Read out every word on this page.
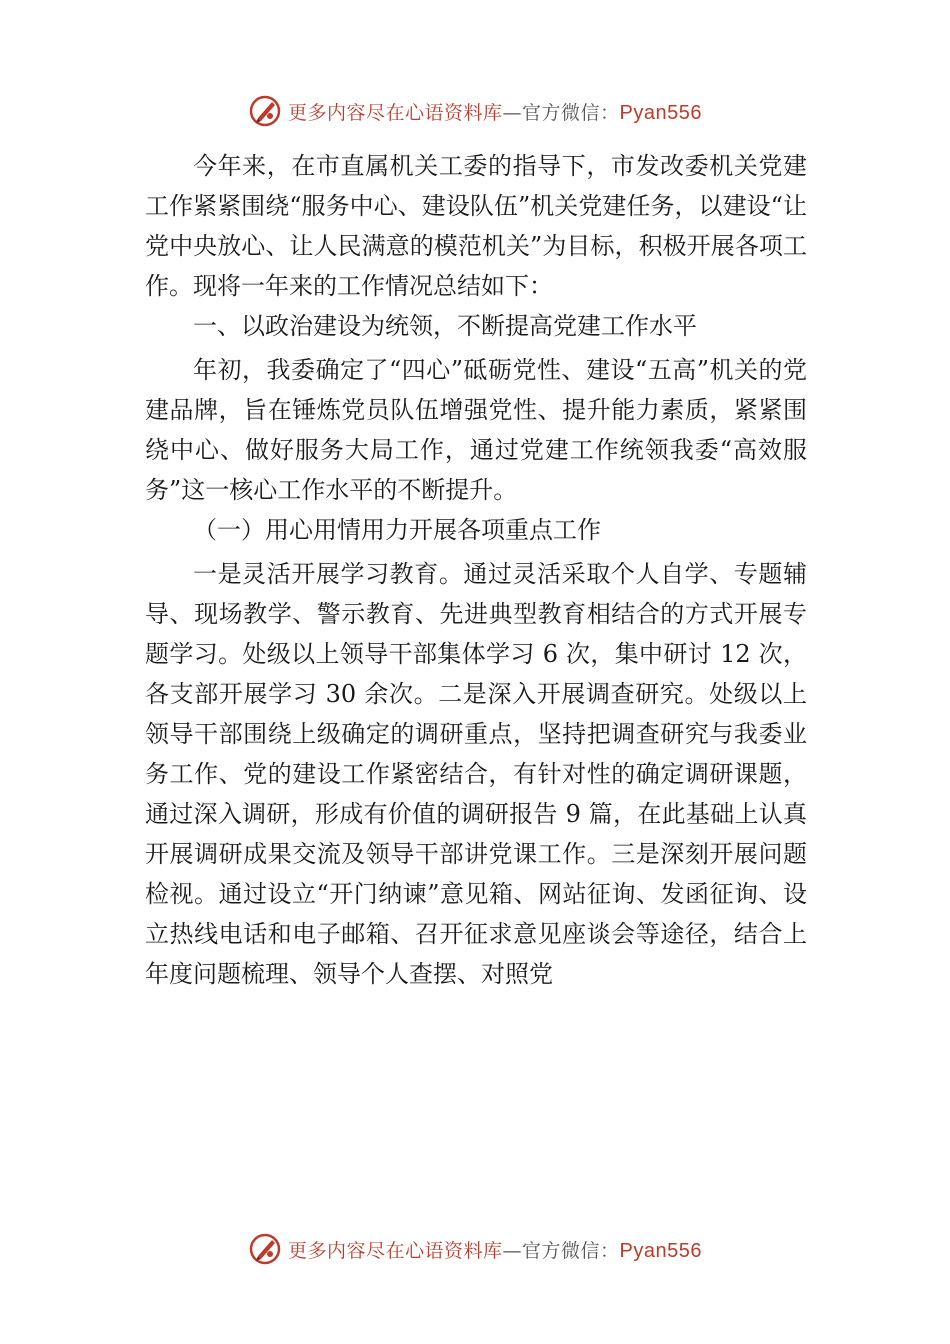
更多内容尽在心语资料库—官方微信：Pyan556

今年来，在市直属机关工委的指导下，市发改委机关党建工作紧紧围绕“服务中心、建设队伍”机关党建任务，以建设“让党中央放心、让人民满意的模范机关”为目标，积极开展各项工作。现将一年来的工作情况总结如下：

一、以政治建设为统领，不断提高党建工作水平

年初，我委确定了“四心”砥砺党性、建设“五高”机关的党建品牌，旨在锤炼党员队伍增强党性、提升能力素质，紧紧围绕中心、做好服务大局工作，通过党建工作统领我委“高效服务”这一核心工作水平的不断提升。

（一）用心用情用力开展各项重点工作

一是灵活开展学习教育。通过灵活采取个人自学、专题辅导、现场教学、警示教育、先进典型教育相结合的方式开展专题学习。处级以上领导干部集体学习 6 次，集中研讨 12 次，各支部开展学习 30 余次。二是深入开展调查研究。处级以上领导干部围绕上级确定的调研重点，坚持把调查研究与我委业务工作、党的建设工作紧密结合，有针对性的确定调研课题，通过深入调研，形成有价值的调研报告 9 篇，在此基础上认真开展调研成果交流及领导干部讲党课工作。三是深刻开展问题检视。通过设立“开门纳谏”意见箱、网站征询、发函征询、设立热线电话和电子邮箱、召开征求意见座谈会等途径，结合上年度问题梳理、领导个人查摆、对照党

更多内容尽在心语资料库—官方微信：Pyan556
